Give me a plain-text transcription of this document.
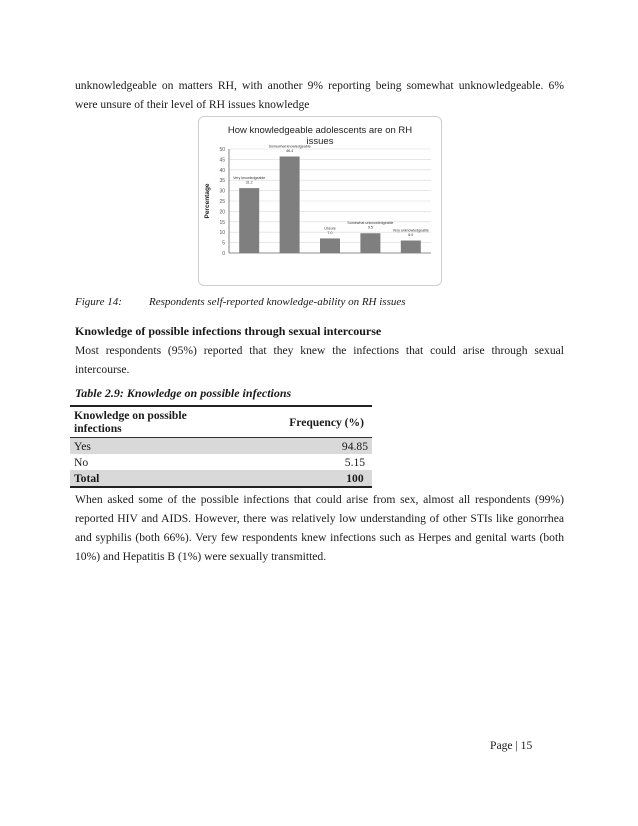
unknowledgeable on matters RH, with another 9% reporting being somewhat unknowledgeable. 6% were unsure of their level of RH issues knowledge

How knowledgeable adolescents are on RH issues
0
5
10
15
20
25
30
35
40
45
50
Percentage
Very knowledgeable 31.2
Somewhat knowledgeable 46.4
Unsure 7.0
Somewhat unknowledgeable 9.5
Very unknowledgeable 6.0
Figure 14:	Respondents self-reported knowledge-ability on RH issues

Knowledge of possible infections through sexual intercourse

Most respondents (95%) reported that they knew the infections that could arise through sexual intercourse.

Table 2.9: Knowledge on possible infections

Knowledge on possible infections	Frequency (%)
Yes	94.85
No	5.15
Total	100

When asked some of the possible infections that could arise from sex, almost all respondents (99%) reported HIV and AIDS. However, there was relatively low understanding of other STIs like gonorrhea and syphilis (both 66%). Very few respondents knew infections such as Herpes and genital warts (both 10%) and Hepatitis B (1%) were sexually transmitted.

Page | 15
